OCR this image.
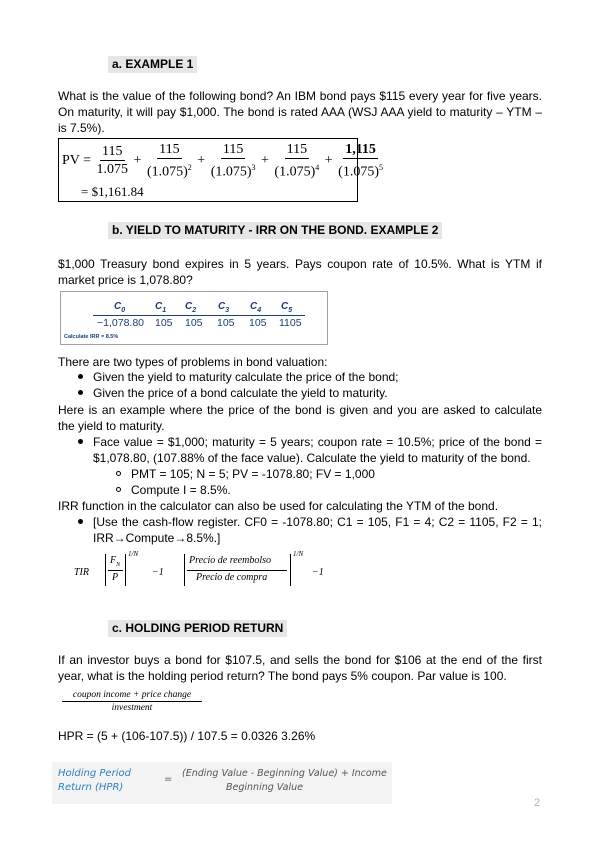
a. EXAMPLE 1
What is the value of the following bond? An IBM bond pays $115 every year for five years. On maturity, it will pay $1,000. The bond is rated AAA (WSJ AAA yield to maturity – YTM – is 7.5%).
PV = $\frac{115}{1.075} + \frac{115}{(1.075)^2} + \frac{115}{(1.075)^3} + \frac{115}{(1.075)^4} + \frac{1,115}{(1.075)^5}$
= $1,161.84
b. YIELD TO MATURITY - IRR ON THE BOND. EXAMPLE 2
$1,000 Treasury bond expires in 5 years. Pays coupon rate of 10.5%. What is YTM if market price is 1,078.80?
$C_0$	$C_1$ $C_2$ $C_3$ $C_4$ $C_5$
−1,078.80 105 105 105 105 1105
Calculate IRR = 8.5%
There are two types of problems in bond valuation:
Given the yield to maturity calculate the price of the bond;
Given the price of a bond calculate the yield to maturity.
Here is an example where the price of the bond is given and you are asked to calculate
the yield to maturity.
Face value = $1,000; maturity = 5 years; coupon rate = 10.5%; price of the bond =
$1,078.80, (107.88% of the face value). Calculate the yield to maturity of the bond.
PMT = 105; N = 5; PV = -1078.80; FV = 1,000
Compute I = 8.5%.
IRR function in the calculator can also be used for calculating the YTM of the bond.
[Use the cash-flow register. CF0 = -1078.80; C1 = 105, F1 = 4; C2 = 1105, F2 = 1;
IRR→Compute→8.5%.]
TIR
$F_N$
P
1/N
−1
Precio de reembolso
Precio de compra
1/N
−1
c. HOLDING PERIOD RETURN
If an investor buys a bond for $107.5, and sells the bond for $106 at the end of the first year, what is the holding period return? The bond pays 5% coupon. Par value is 100.
coupon income + price change
investment
HPR = (5 + (106-107.5)) / 107.5 = 0.0326 3.26%
Holding Period
Return (HPR)
=
(Ending Value - Beginning Value) + Income
Beginning Value
2
